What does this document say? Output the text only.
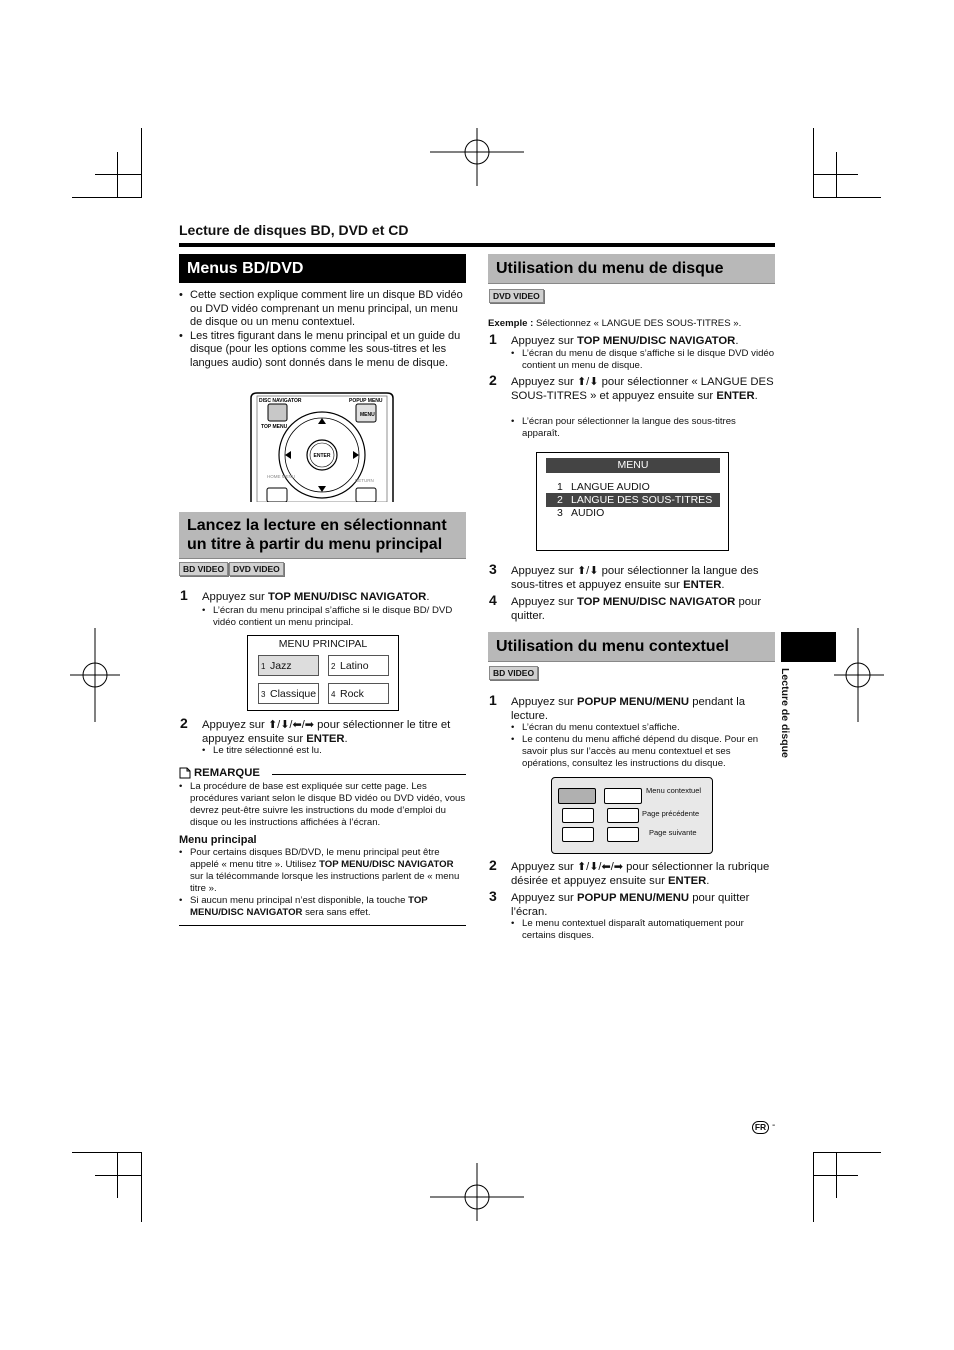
Lecture de disques BD, DVD et CD
Menus BD/DVD
• Cette section explique comment lire un disque BD vidéo ou DVD vidéo comprenant un menu principal, un menu de disque ou un menu contextuel.
• Les titres figurant dans le menu principal et un guide du disque (pour les options comme les sous-titres et les langues audio) sont donnés dans le menu de disque.
DISC NAVIGATOR
TOP MENU
POPUP MENU
MENU
ENTER
HOME MENU
RETURN
Lancez la lecture en sélectionnant
un titre à partir du menu principal
BD VIDEO	DVD VIDEO
1 Appuyez sur TOP MENU/DISC NAVIGATOR.
• L’écran du menu principal s’affiche si le disque BD/ DVD vidéo contient un menu principal.
MENU PRINCIPAL
1 Jazz	2 Latino
3 Classique 4 Rock
2 Appuyez sur ⬆/⬇/⬅/➡ pour sélectionner le titre et appuyez ensuite sur ENTER.
• Le titre sélectionné est lu.
REMARQUE
• La procédure de base est expliquée sur cette page. Les procédures variant selon le disque BD vidéo ou DVD vidéo, vous devrez peut-être suivre les instructions du mode d’emploi du disque ou les instructions affichées à l’écran.
Menu principal
• Pour certains disques BD/DVD, le menu principal peut être appelé « menu titre ». Utilisez TOP MENU/DISC NAVIGATOR sur la télécommande lorsque les instructions parlent de « menu titre ».
• Si aucun menu principal n’est disponible, la touche TOP MENU/DISC NAVIGATOR sera sans effet.
Utilisation du menu de disque
DVD VIDEO
Exemple : Sélectionnez « LANGUE DES SOUS-TITRES ».
1 Appuyez sur TOP MENU/DISC NAVIGATOR.
• L’écran du menu de disque s’affiche si le disque DVD vidéo contient un menu de disque.
2 Appuyez sur ⬆/⬇ pour sélectionner « LANGUE DES SOUS-TITRES » et appuyez ensuite sur ENTER.
• L’écran pour sélectionner la langue des sous-titres apparaît.
MENU
1 LANGUE AUDIO
2 LANGUE DES SOUS-TITRES
3 AUDIO
3 Appuyez sur ⬆/⬇ pour sélectionner la langue des sous-titres et appuyez ensuite sur ENTER.
4 Appuyez sur TOP MENU/DISC NAVIGATOR pour quitter.
Utilisation du menu contextuel
BD VIDEO
1 Appuyez sur POPUP MENU/MENU pendant la lecture.
• L’écran du menu contextuel s’affiche.
• Le contenu du menu affiché dépend du disque. Pour en savoir plus sur l’accès au menu contextuel et ses opérations, consultez les instructions du disque.
Menu contextuel
Page précédente
Page suivante
2 Appuyez sur ⬆/⬇/⬅/➡ pour sélectionner la rubrique désirée et appuyez ensuite sur ENTER.
3 Appuyez sur POPUP MENU/MENU pour quitter l’écran.
• Le menu contextuel disparaît automatiquement pour certains disques.
Lecture de disque
FR -
